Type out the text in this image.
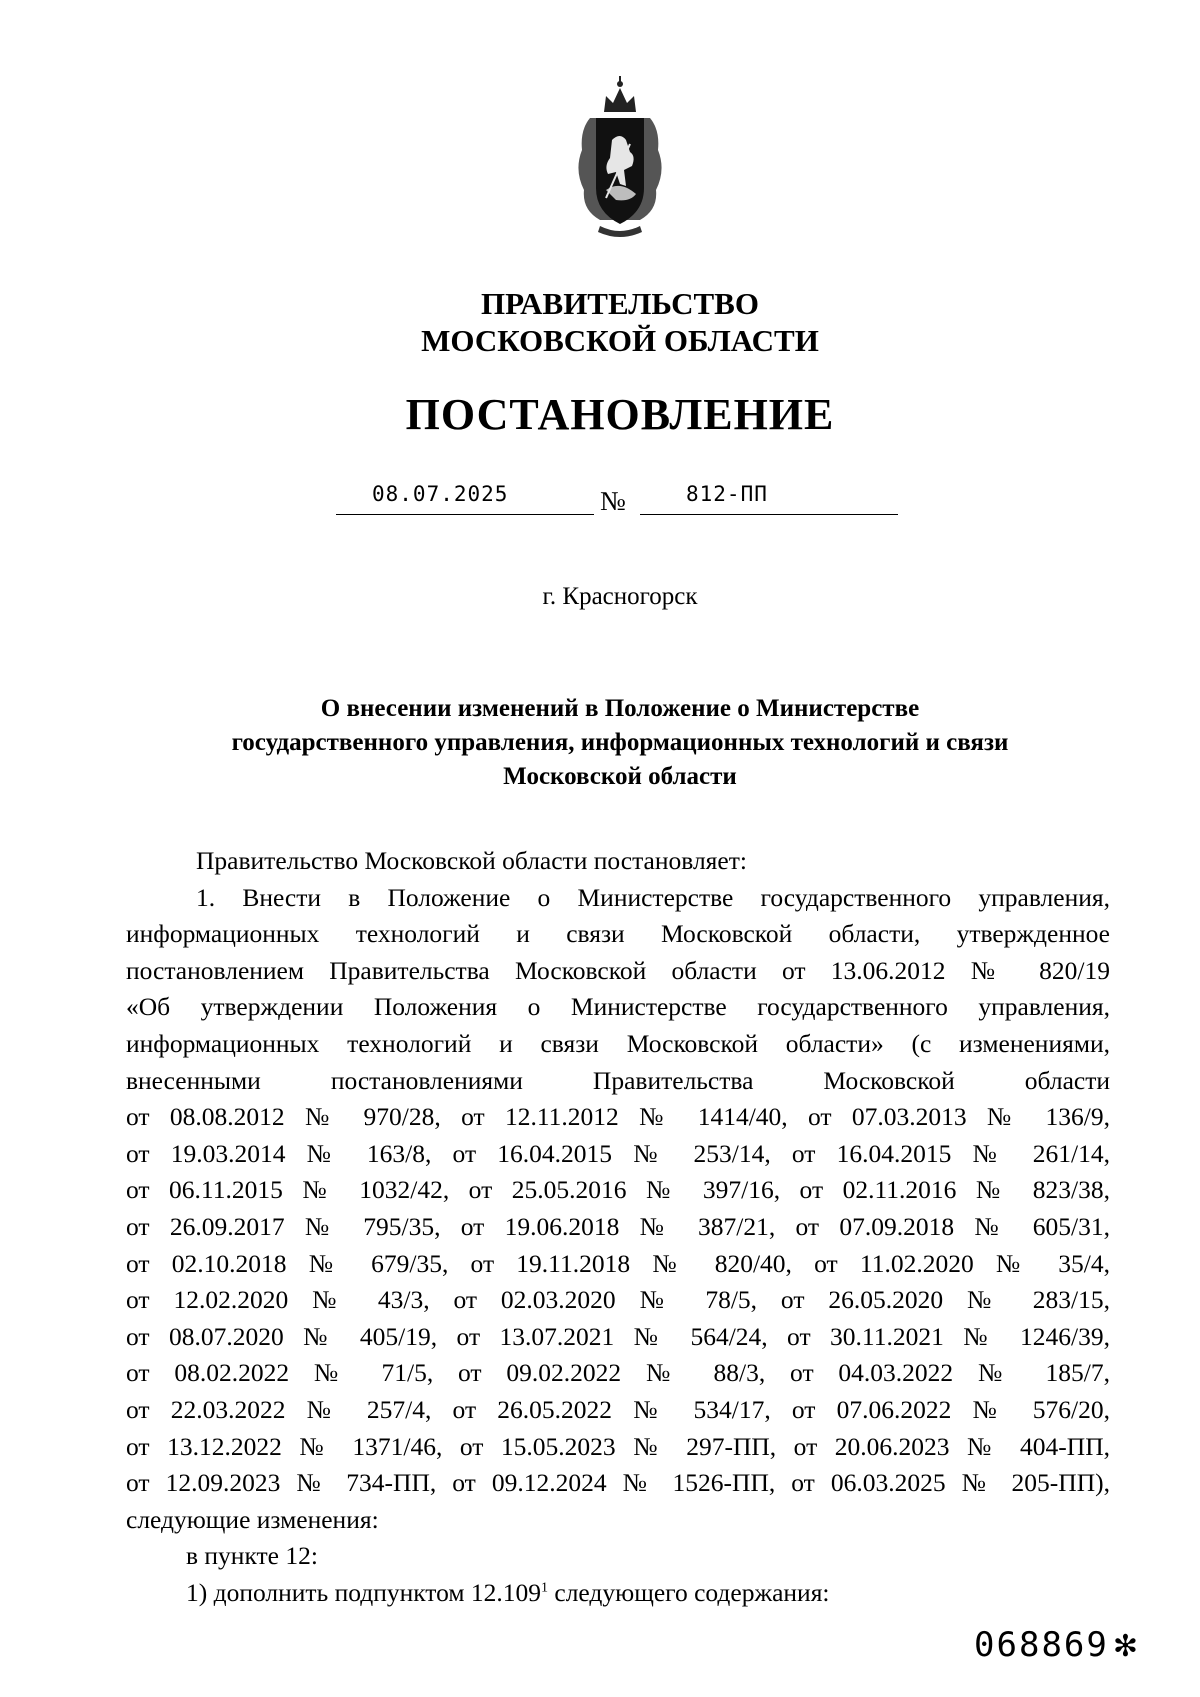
ПРАВИТЕЛЬСТВО
МОСКОВСКОЙ ОБЛАСТИ
ПОСТАНОВЛЕНИЕ
08.07.2025	№	812-ПП
г. Красногорск
О внесении изменений в Положение о Министерстве
государственного управления, информационных технологий и связи
Московской области
Правительство Московской области постановляет:
1. Внести в Положение о Министерстве государственного управления,
информационных технологий и связи Московской области, утвержденное
постановлением Правительства Московской области от 13.06.2012 № 820/19
«Об утверждении Положения о Министерстве государственного управления,
информационных технологий и связи Московской области» (с изменениями,
внесенными постановлениями Правительства Московской области
от 08.08.2012 № 970/28, от 12.11.2012 № 1414/40, от 07.03.2013 № 136/9,
от 19.03.2014 № 163/8, от 16.04.2015 № 253/14, от 16.04.2015 № 261/14,
от 06.11.2015 № 1032/42, от 25.05.2016 № 397/16, от 02.11.2016 № 823/38,
от 26.09.2017 № 795/35, от 19.06.2018 № 387/21, от 07.09.2018 № 605/31,
от 02.10.2018 № 679/35, от 19.11.2018 № 820/40, от 11.02.2020 № 35/4,
от 12.02.2020 № 43/3, от 02.03.2020 № 78/5, от 26.05.2020 № 283/15,
от 08.07.2020 № 405/19, от 13.07.2021 № 564/24, от 30.11.2021 № 1246/39,
от 08.02.2022 № 71/5, от 09.02.2022 № 88/3, от 04.03.2022 № 185/7,
от 22.03.2022 № 257/4, от 26.05.2022 № 534/17, от 07.06.2022 № 576/20,
от 13.12.2022 № 1371/46, от 15.05.2023 № 297-ПП, от 20.06.2023 № 404-ПП,
от 12.09.2023 № 734-ПП, от 09.12.2024 № 1526-ПП, от 06.03.2025 № 205-ПП),
следующие изменения:
в пункте 12:
1) дополнить подпунктом 12.109$^1$ следующего содержания:
068869 ✻
